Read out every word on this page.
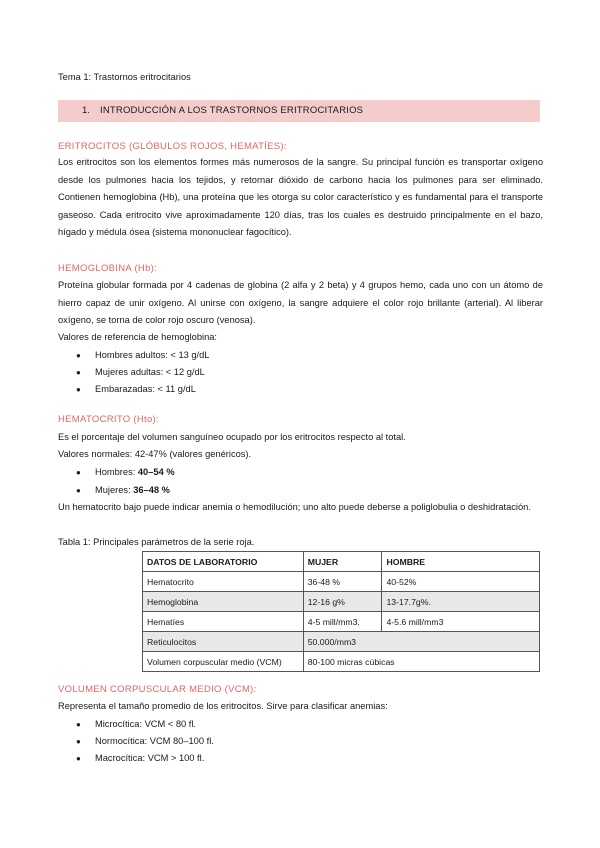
Tema 1: Trastornos eritrocitarios
1. INTRODUCCIÓN A LOS TRASTORNOS ERITROCITARIOS
ERITROCITOS (GLÓBULOS ROJOS, HEMATÍES):
Los eritrocitos son los elementos formes más numerosos de la sangre. Su principal función es transportar oxígeno desde los pulmones hacia los tejidos, y retornar dióxido de carbono hacia los pulmones para ser eliminado. Contienen hemoglobina (Hb), una proteína que les otorga su color característico y es fundamental para el transporte gaseoso. Cada eritrocito vive aproximadamente 120 días, tras los cuales es destruido principalmente en el bazo, hígado y médula ósea (sistema mononuclear fagocítico).
HEMOGLOBINA (Hb):
Proteína globular formada por 4 cadenas de globina (2 alfa y 2 beta) y 4 grupos hemo, cada uno con un átomo de hierro capaz de unir oxígeno. Al unirse con oxígeno, la sangre adquiere el color rojo brillante (arterial). Al liberar oxígeno, se torna de color rojo oscuro (venosa).
Valores de referencia de hemoglobina:
● Hombres adultos: < 13 g/dL
● Mujeres adultas: < 12 g/dL
● Embarazadas: < 11 g/dL
HEMATOCRITO (Hto):
Es el porcentaje del volumen sanguíneo ocupado por los eritrocitos respecto al total.
Valores normales: 42-47% (valores genéricos).
● Hombres: 40–54 %
● Mujeres: 36–48 %
Un hematocrito bajo puede indicar anemia o hemodilución; uno alto puede deberse a poliglobulia o deshidratación.
Tabla 1: Principales parámetros de la serie roja.
DATOS DE LABORATORIO	MUJER	HOMBRE
Hematocrito	36-48 %	40-52%
Hemoglobina	12-16 g%	13-17.7g%.
Hematíes	4-5 mill/mm3.	4-5.6 mill/mm3
Reticulocitos	50.000/mm3	
Volumen corpuscular medio (VCM)	80-100 micras cúbicas	
VOLUMEN CORPUSCULAR MEDIO (VCM):
Representa el tamaño promedio de los eritrocitos. Sirve para clasificar anemias:
● Microcítica: VCM < 80 fl.
● Normocítica: VCM 80–100 fl.
● Macrocítica: VCM > 100 fl.
